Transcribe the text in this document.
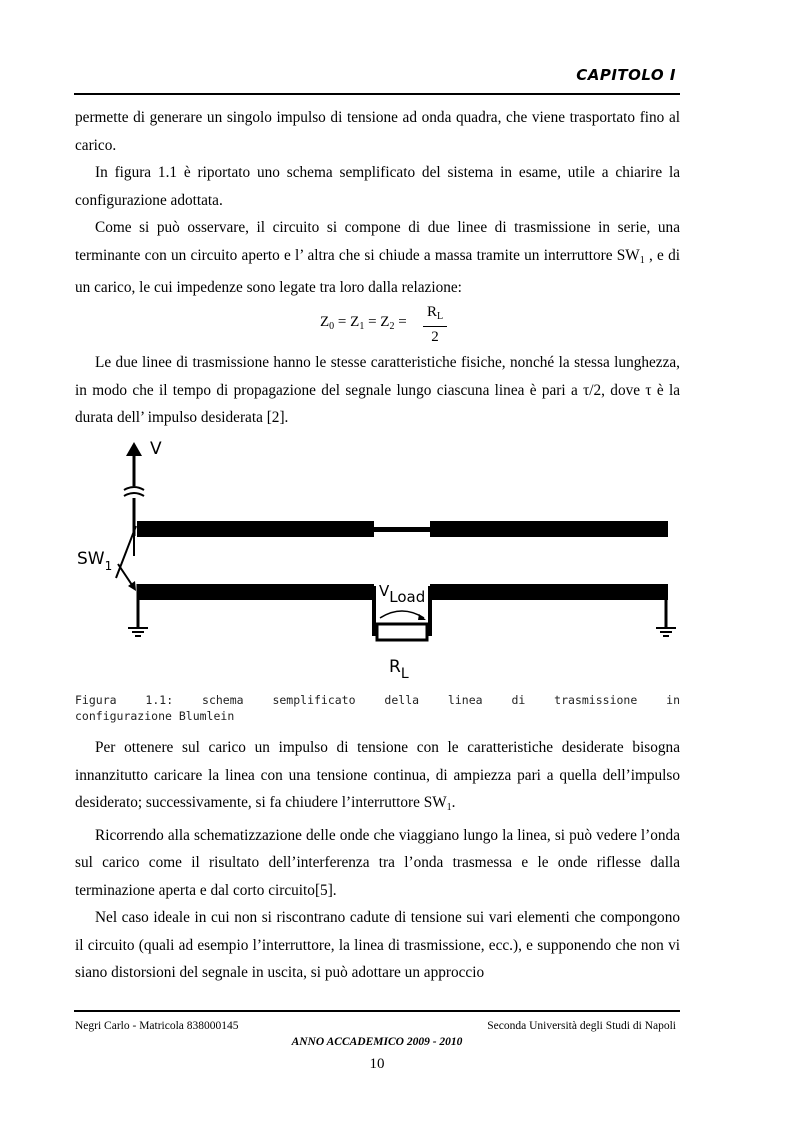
CAPITOLO I

permette di generare un singolo impulso di tensione ad onda quadra, che viene trasportato fino al carico.

In figura 1.1 è riportato uno schema semplificato del sistema in esame, utile a chiarire la configurazione adottata.

Come si può osservare, il circuito si compone di due linee di trasmissione in serie, una terminante con un circuito aperto e l’ altra che si chiude a massa tramite un interruttore $SW_1$ , e di un carico, le cui impedenze sono legate tra loro dalla relazione:

$Z_0 = Z_1 = Z_2 = \frac{R_L}{2}$

Le due linee di trasmissione hanno le stesse caratteristiche fisiche, nonché la stessa lunghezza, in modo che il tempo di propagazione del segnale lungo ciascuna linea è pari a τ/2, dove τ è la durata dell’ impulso desiderata [2].

V
$SW_1$
VLoad
$R_L$
Figura 1.1: schema semplificato della linea di trasmissione in
configurazione Blumlein

Per ottenere sul carico un impulso di tensione con le caratteristiche desiderate bisogna innanzitutto caricare la linea con una tensione continua, di ampiezza pari a quella dell’impulso desiderato; successivamente, si fa chiudere l’interruttore $SW_1$.

Ricorrendo alla schematizzazione delle onde che viaggiano lungo la linea, si può vedere l’onda sul carico come il risultato dell’interferenza tra l’onda trasmessa e le onde riflesse dalla terminazione aperta e dal corto circuito[5].

Nel caso ideale in cui non si riscontrano cadute di tensione sui vari elementi che compongono il circuito (quali ad esempio l’interruttore, la linea di trasmissione, ecc.), e supponendo che non vi siano distorsioni del segnale in uscita, si può adottare un approccio

Negri Carlo - Matricola 838000145	Seconda Università degli Studi di Napoli
ANNO ACCADEMICO 2009 - 2010
10
